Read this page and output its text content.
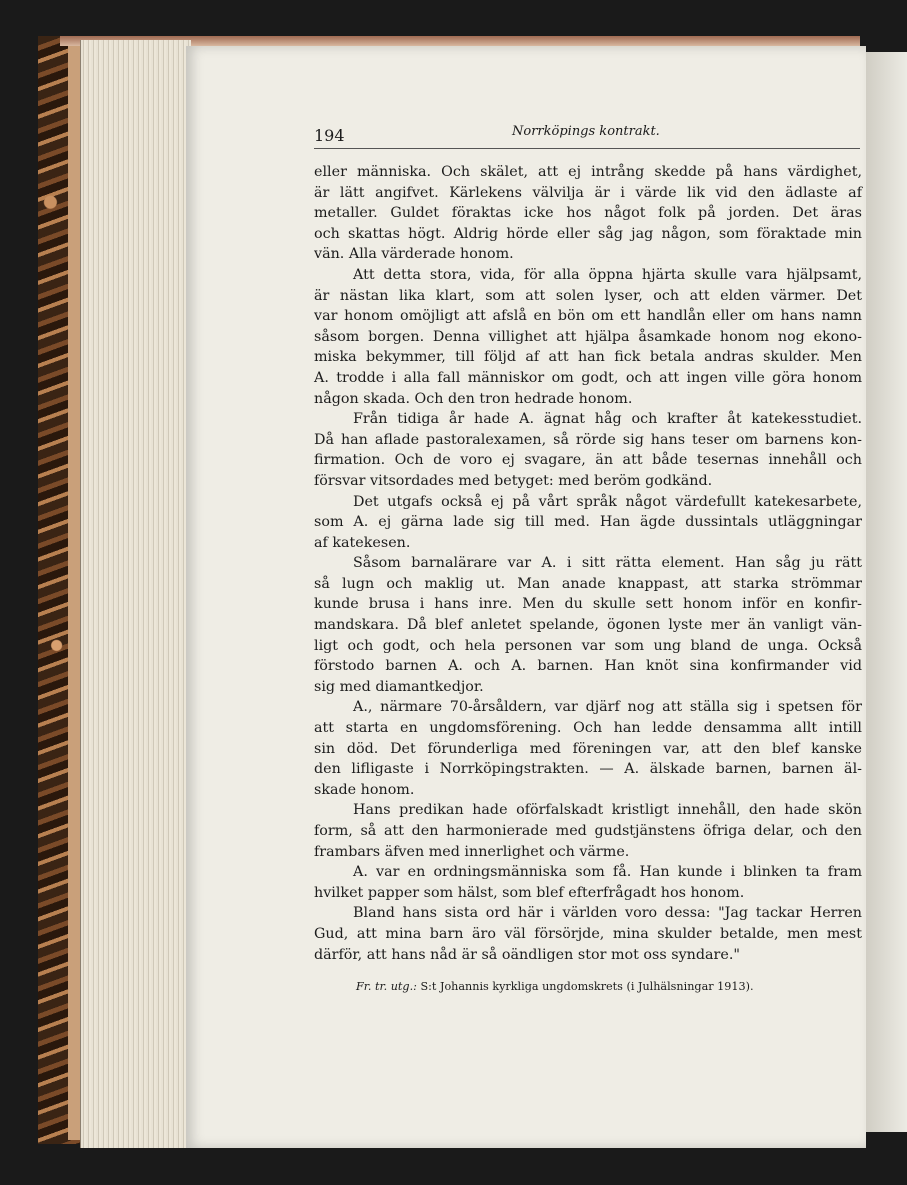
194	Norrköpings kontrakt.
eller människa. Och skälet, att ej intrång skedde på hans värdighet,
är lätt angifvet. Kärlekens välvilja är i värde lik vid den ädlaste af
metaller. Guldet föraktas icke hos något folk på jorden. Det äras
och skattas högt. Aldrig hörde eller såg jag någon, som föraktade min
vän. Alla värderade honom.
Att detta stora, vida, för alla öppna hjärta skulle vara hjälpsamt,
är nästan lika klart, som att solen lyser, och att elden värmer. Det
var honom omöjligt att afslå en bön om ett handlån eller om hans namn
såsom borgen. Denna villighet att hjälpa åsamkade honom nog ekono-
miska bekymmer, till följd af att han fick betala andras skulder. Men
A. trodde i alla fall människor om godt, och att ingen ville göra honom
någon skada. Och den tron hedrade honom.
Från tidiga år hade A. ägnat håg och krafter åt katekesstudiet.
Då han aflade pastoralexamen, så rörde sig hans teser om barnens kon-
firmation. Och de voro ej svagare, än att både tesernas innehåll och
försvar vitsordades med betyget: med beröm godkänd.
Det utgafs också ej på vårt språk något värdefullt katekesarbete,
som A. ej gärna lade sig till med. Han ägde dussintals utläggningar
af katekesen.
Såsom barnalärare var A. i sitt rätta element. Han såg ju rätt
så lugn och maklig ut. Man anade knappast, att starka strömmar
kunde brusa i hans inre. Men du skulle sett honom inför en konfir-
mandskara. Då blef anletet spelande, ögonen lyste mer än vanligt vän-
ligt och godt, och hela personen var som ung bland de unga. Också
förstodo barnen A. och A. barnen. Han knöt sina konfirmander vid
sig med diamantkedjor.
A., närmare 70-årsåldern, var djärf nog att ställa sig i spetsen för
att starta en ungdomsförening. Och han ledde densamma allt intill
sin död. Det förunderliga med föreningen var, att den blef kanske
den lifligaste i Norrköpingstrakten. — A. älskade barnen, barnen äl-
skade honom.
Hans predikan hade oförfalskadt kristligt innehåll, den hade skön
form, så att den harmonierade med gudstjänstens öfriga delar, och den
frambars äfven med innerlighet och värme.
A. var en ordningsmänniska som få. Han kunde i blinken ta fram
hvilket papper som hälst, som blef efterfrågadt hos honom.
Bland hans sista ord här i världen voro dessa: "Jag tackar Herren
Gud, att mina barn äro väl försörjde, mina skulder betalde, men mest
därför, att hans nåd är så oändligen stor mot oss syndare."
Fr. tr. utg.: S:t Johannis kyrkliga ungdomskrets (i Julhälsningar 1913).
